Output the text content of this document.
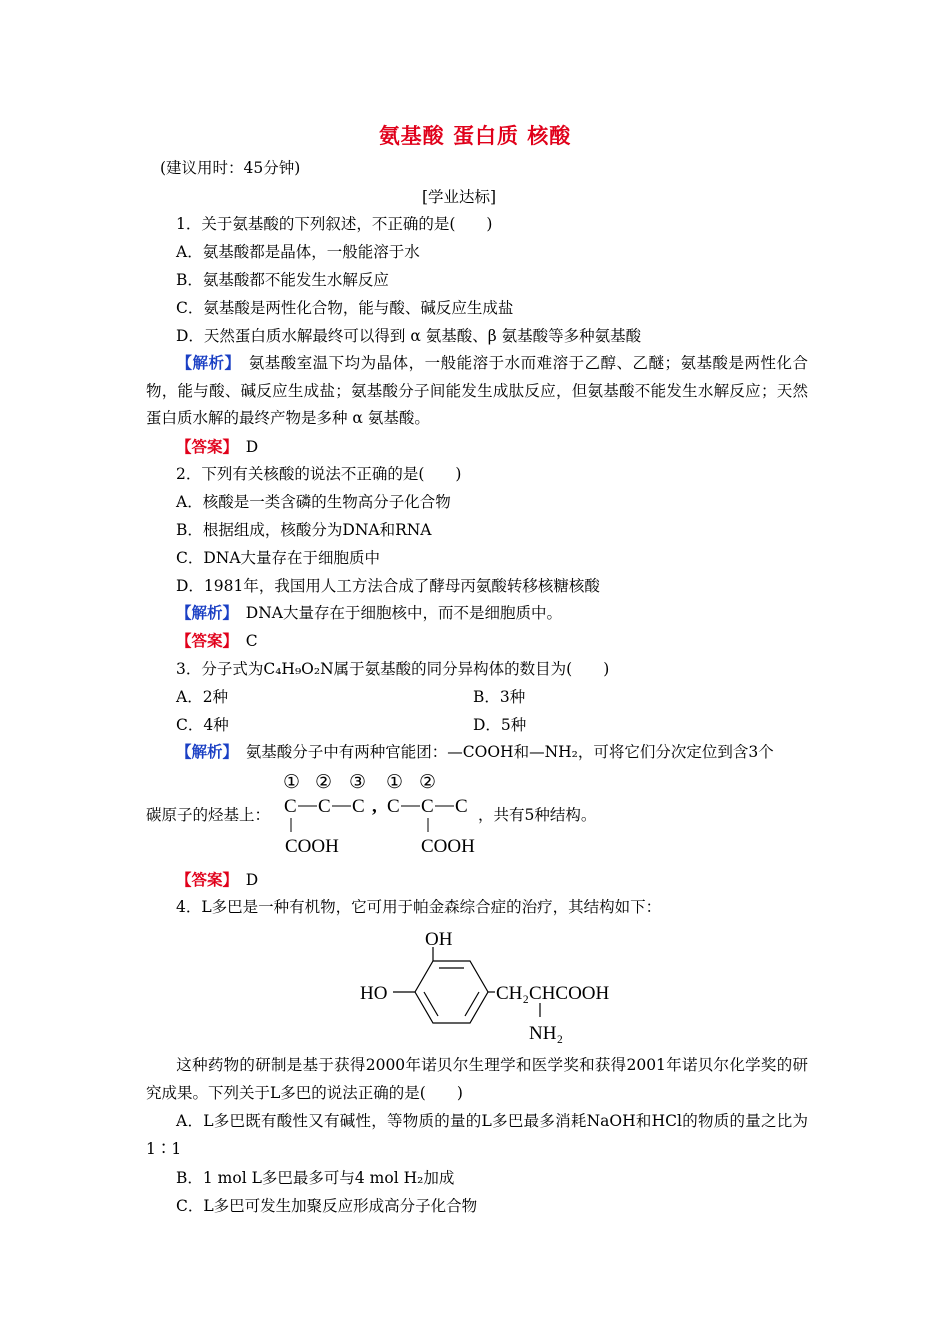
氨基酸 蛋白质 核酸
(建议用时：45分钟)
[学业达标]
1．关于氨基酸的下列叙述，不正确的是(　　)
A．氨基酸都是晶体，一般能溶于水
B．氨基酸都不能发生水解反应
C．氨基酸是两性化合物，能与酸、碱反应生成盐
D．天然蛋白质水解最终可以得到 α 氨基酸、β 氨基酸等多种氨基酸
【解析】　氨基酸室温下均为晶体，一般能溶于水而难溶于乙醇、乙醚；氨基酸是两性化合物，能与酸、碱反应生成盐；氨基酸分子间能发生成肽反应，但氨基酸不能发生水解反应；天然蛋白质水解的最终产物是多种 α 氨基酸。
【答案】　 D
2．下列有关核酸的说法不正确的是(　　)
A．核酸是一类含磷的生物高分子化合物
B．根据组成，核酸分为DNA和RNA
C．DNA大量存在于细胞质中
D．1981年，我国用人工方法合成了酵母丙氨酸转移核糖核酸
【解析】　 DNA大量存在于细胞核中，而不是细胞质中。
【答案】　 C
3．分子式为C₄H₉O₂N属于氨基酸的同分异构体的数目为(　　)
A．2种	B．3种
C．4种	D．5种
【解析】　 氨基酸分子中有两种官能团：—COOH和—NH₂，可将它们分次定位到含3个
碳原子的烃基上：
① ② ③
C C C
COOH
,
① ②
C C C
COOH
，共有5种结构。
【答案】　 D
4．L多巴是一种有机物，它可用于帕金森综合症的治疗，其结构如下：
OH
HO	CH₂CHCOOH
NH₂
这种药物的研制是基于获得2000年诺贝尔生理学和医学奖和获得2001年诺贝尔化学奖的研究成果。下列关于L多巴的说法正确的是(　　)
A．L多巴既有酸性又有碱性，等物质的量的L多巴最多消耗NaOH和HCl的物质的量之比为1∶1
B．1 mol L多巴最多可与4 mol H₂加成
C．L多巴可发生加聚反应形成高分子化合物
